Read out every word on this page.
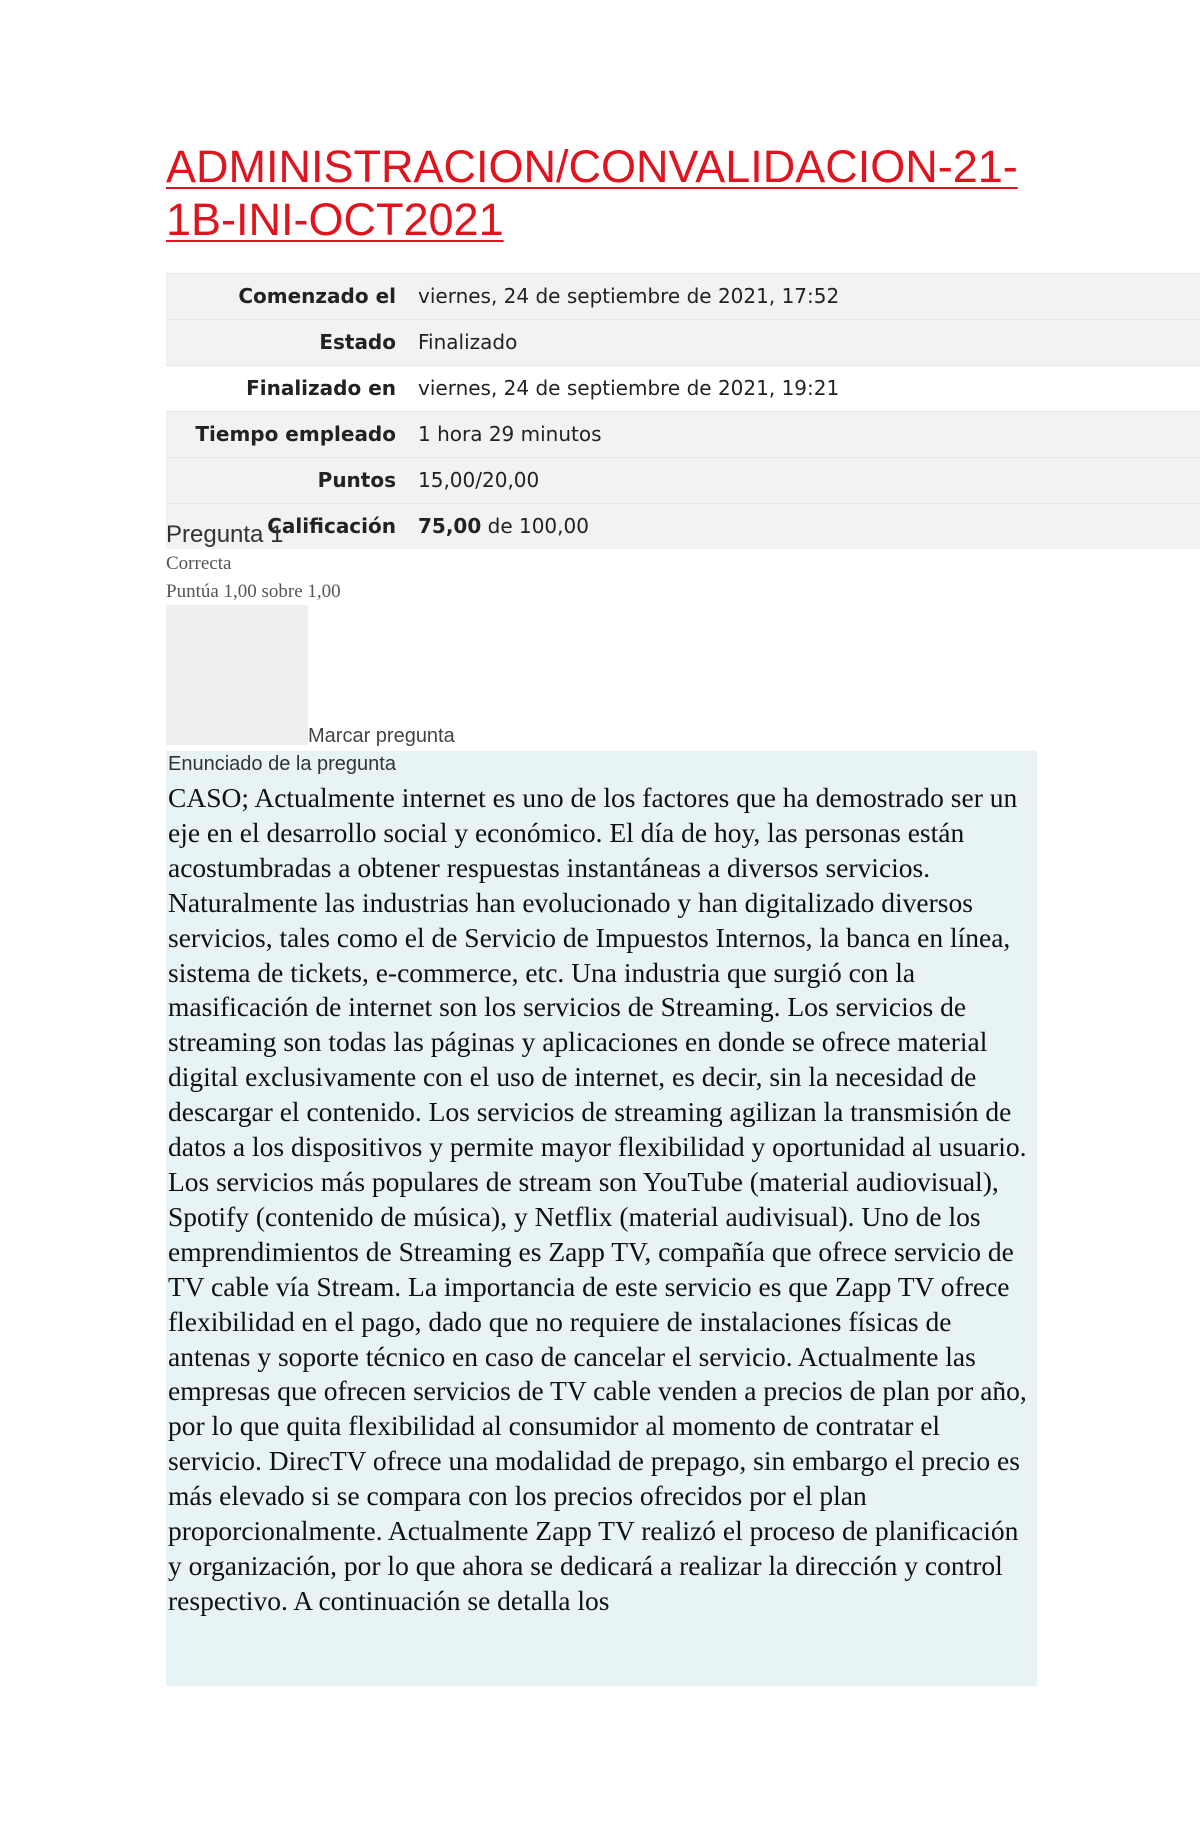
ADMINISTRACION/CONVALIDACION-21-1B-INI-OCT2021
Comenzado el	viernes, 24 de septiembre de 2021, 17:52
Estado	Finalizado
Finalizado en	viernes, 24 de septiembre de 2021, 19:21
Tiempo empleado	1 hora 29 minutos
Puntos	15,00/20,00
Calificación	75,00 de 100,00
Pregunta 1
Correcta
Puntúa 1,00 sobre 1,00
Marcar pregunta

Enunciado de la pregunta

CASO; Actualmente internet es uno de los factores que ha demostrado ser un eje en el desarrollo social y económico. El día de hoy, las personas están acostumbradas a obtener respuestas instantáneas a diversos servicios. Naturalmente las industrias han evolucionado y han digitalizado diversos servicios, tales como el de Servicio de Impuestos Internos, la banca en línea, sistema de tickets, e-commerce, etc. Una industria que surgió con la masificación de internet son los servicios de Streaming. Los servicios de streaming son todas las páginas y aplicaciones en donde se ofrece material digital exclusivamente con el uso de internet, es decir, sin la necesidad de descargar el contenido. Los servicios de streaming agilizan la transmisión de datos a los dispositivos y permite mayor flexibilidad y oportunidad al usuario. Los servicios más populares de stream son YouTube (material audiovisual), Spotify (contenido de música), y Netflix (material audivisual). Uno de los emprendimientos de Streaming es Zapp TV, compañía que ofrece servicio de TV cable vía Stream. La importancia de este servicio es que Zapp TV ofrece flexibilidad en el pago, dado que no requiere de instalaciones físicas de antenas y soporte técnico en caso de cancelar el servicio. Actualmente las empresas que ofrecen servicios de TV cable venden a precios de plan por año, por lo que quita flexibilidad al consumidor al momento de contratar el servicio. DirecTV ofrece una modalidad de prepago, sin embargo el precio es más elevado si se compara con los precios ofrecidos por el plan proporcionalmente. Actualmente Zapp TV realizó el proceso de planificación y organización, por lo que ahora se dedicará a realizar la dirección y control respectivo. A continuación se detalla los
